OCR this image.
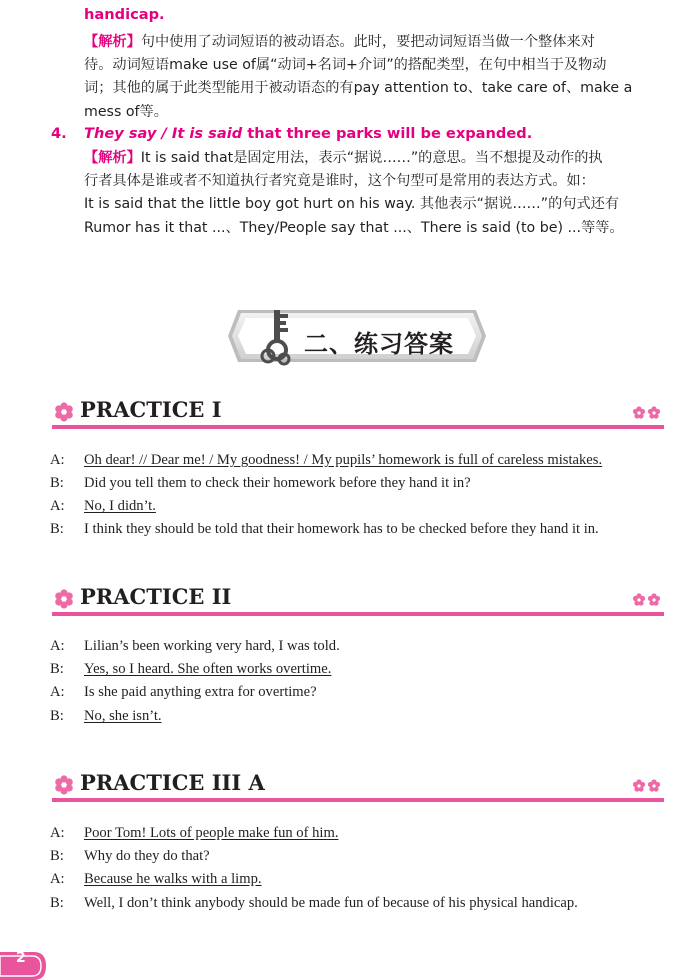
handicap.

【解析】句中使用了动词短语的被动语态。此时，要把动词短语当做一个整体来对

待。动词短语make use of属“动词+名词+介词”的搭配类型，在句中相当于及物动

词；其他的属于此类型能用于被动语态的有pay attention to、take care of、make a

mess of等。

4. They say / It is said that three parks will be expanded.

【解析】It is said that是固定用法，表示“据说……”的意思。当不想提及动作的执

行者具体是谁或者不知道执行者究竟是谁时，这个句型可是常用的表达方式。如：

It is said that the little boy got hurt on his way. 其他表示“据说……”的句式还有

Rumor has it that ...、They/People say that ...、There is said (to be) ...等等。

二、练习答案
PRACTICE I
A: Oh dear! // Dear me! / My goodness! / My pupils’ homework is full of careless mistakes.
B: Did you tell them to check their homework before they hand it in?
A: No, I didn’t.
B: I think they should be told that their homework has to be checked before they hand it in.
PRACTICE II
A: Lilian’s been working very hard, I was told.
B: Yes, so I heard. She often works overtime.
A: Is she paid anything extra for overtime?
B: No, she isn’t.
PRACTICE III A
A: Poor Tom! Lots of people make fun of him.
B: Why do they do that?
A: Because he walks with a limp.
B: Well, I don’t think anybody should be made fun of because of his physical handicap.
2
